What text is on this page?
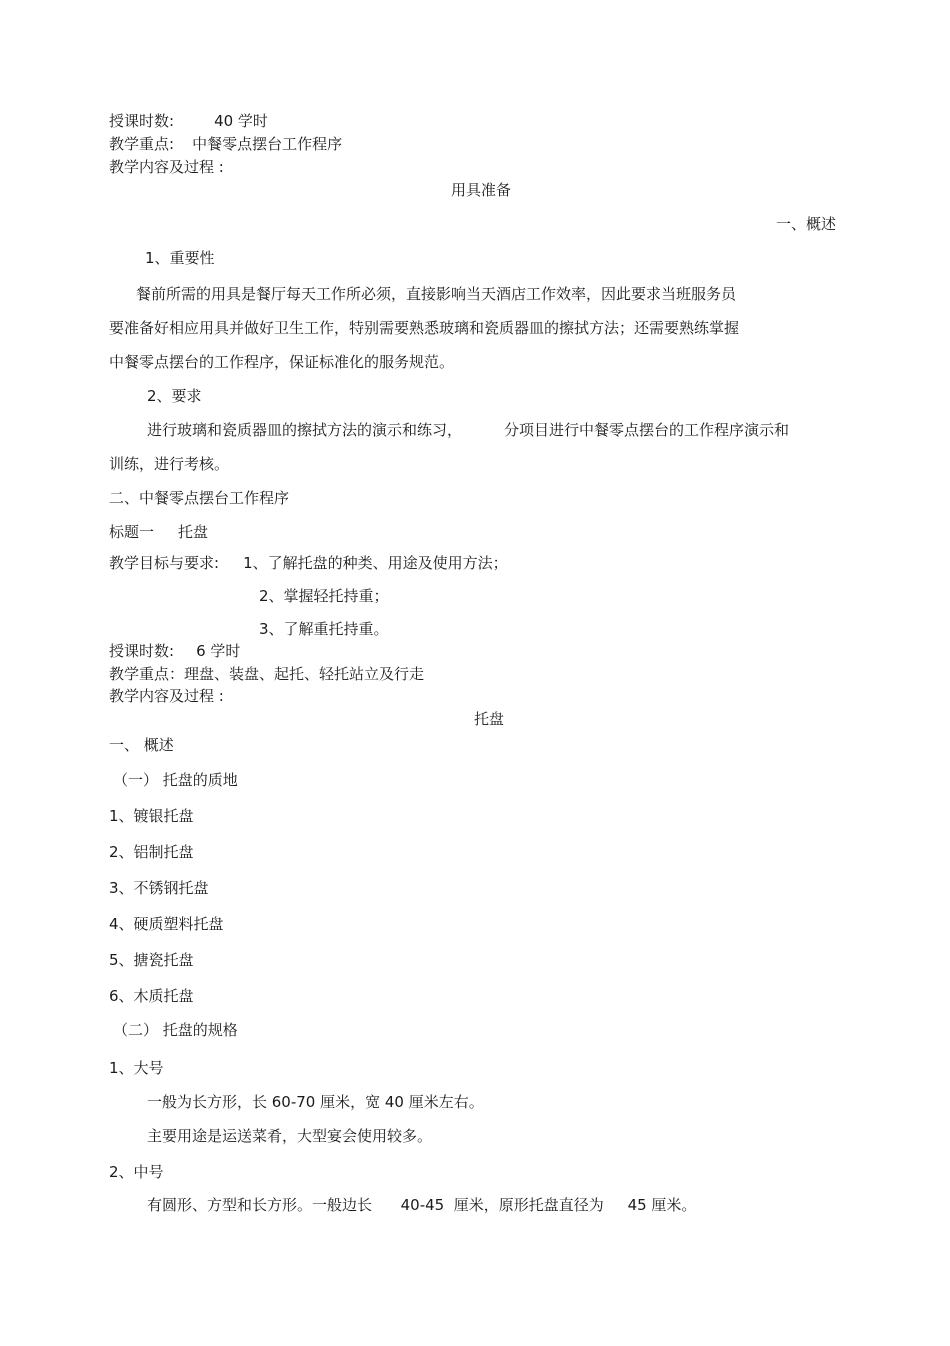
授课时数:	40 学时
教学重点: 中餐零点摆台工作程序
教学内容及过程 :
用具准备
一、概述
1、重要性
餐前所需的用具是餐厅每天工作所必须，直接影响当天酒店工作效率，因此要求当班服务员
要准备好相应用具并做好卫生工作，特别需要熟悉玻璃和瓷质器皿的擦拭方法；还需要熟练掌握
中餐零点摆台的工作程序，保证标准化的服务规范。
2、要求
进行玻璃和瓷质器皿的擦拭方法的演示和练习，	分项目进行中餐零点摆台的工作程序演示和
训练，进行考核。
二、中餐零点摆台工作程序
标题一 托盘
教学目标与要求: 1、了解托盘的种类、用途及使用方法；
2、掌握轻托持重；
3、了解重托持重。
授课时数: 6 学时
教学重点：理盘、装盘、起托、轻托站立及行走
教学内容及过程 :
托盘
一、 概述
（一） 托盘的质地
1、镀银托盘
2、铝制托盘
3、不锈钢托盘
4、硬质塑料托盘
5、搪瓷托盘
6、木质托盘
（二） 托盘的规格
1、大号
一般为长方形，长 60-70 厘米，宽 40 厘米左右。
主要用途是运送菜肴，大型宴会使用较多。
2、中号
有圆形、方型和长方形。一般边长      40-45  厘米，原形托盘直径为     45 厘米。
